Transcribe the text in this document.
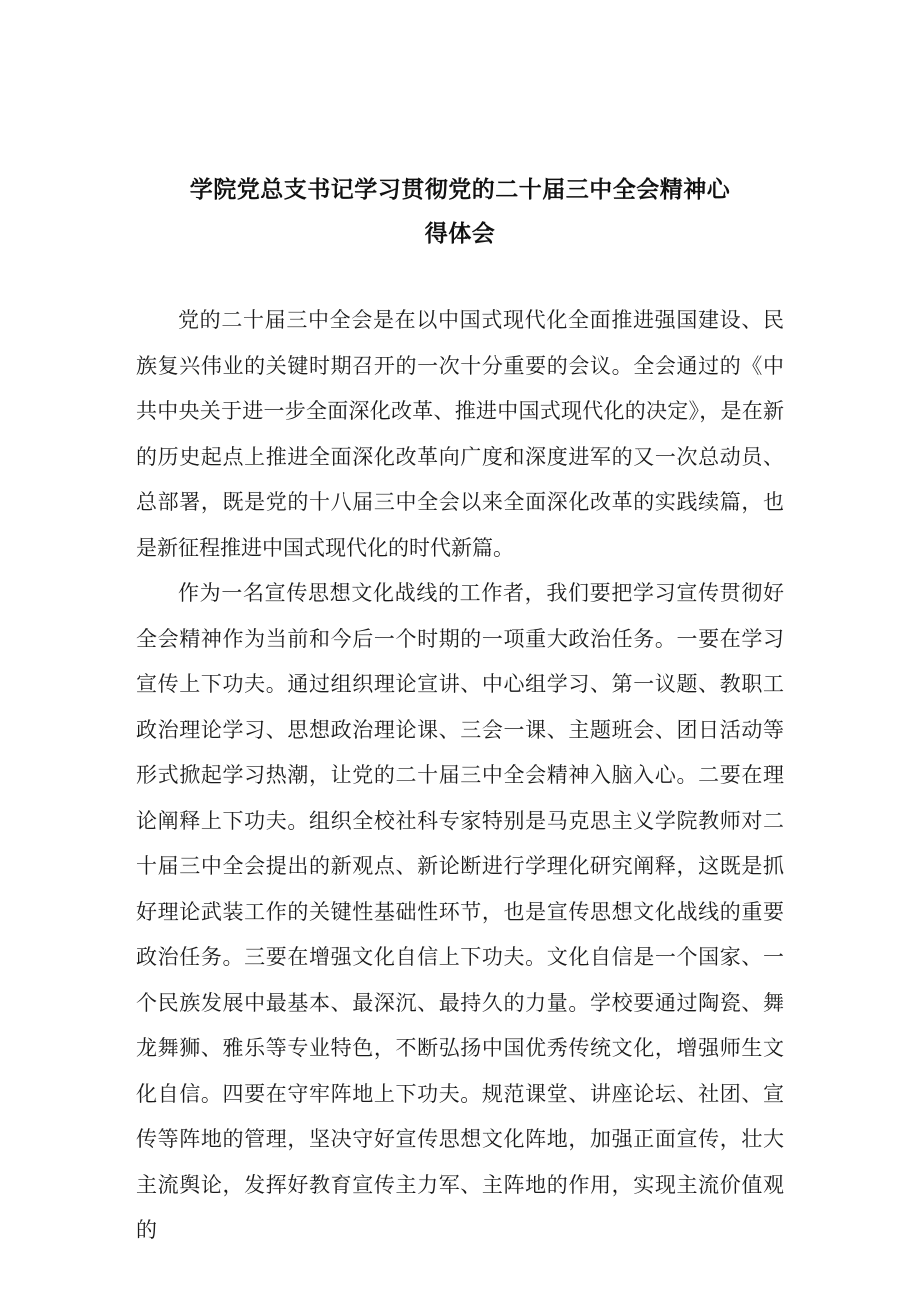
学院党总支书记学习贯彻党的二十届三中全会精神心
得体会

党的二十届三中全会是在以中国式现代化全面推进强国建设、民族复兴伟业的关键时期召开的一次十分重要的会议。全会通过的《中共中央关于进一步全面深化改革、推进中国式现代化的决定》，是在新的历史起点上推进全面深化改革向广度和深度进军的又一次总动员、总部署，既是党的十八届三中全会以来全面深化改革的实践续篇，也是新征程推进中国式现代化的时代新篇。

作为一名宣传思想文化战线的工作者，我们要把学习宣传贯彻好全会精神作为当前和今后一个时期的一项重大政治任务。一要在学习宣传上下功夫。通过组织理论宣讲、中心组学习、第一议题、教职工政治理论学习、思想政治理论课、三会一课、主题班会、团日活动等形式掀起学习热潮，让党的二十届三中全会精神入脑入心。二要在理论阐释上下功夫。组织全校社科专家特别是马克思主义学院教师对二十届三中全会提出的新观点、新论断进行学理化研究阐释，这既是抓好理论武装工作的关键性基础性环节，也是宣传思想文化战线的重要政治任务。三要在增强文化自信上下功夫。文化自信是一个国家、一个民族发展中最基本、最深沉、最持久的力量。学校要通过陶瓷、舞龙舞狮、雅乐等专业特色，不断弘扬中国优秀传统文化，增强师生文化自信。四要在守牢阵地上下功夫。规范课堂、讲座论坛、社团、宣传等阵地的管理，坚决守好宣传思想文化阵地，加强正面宣传，壮大主流舆论，发挥好教育宣传主力军、主阵地的作用，实现主流价值观的
